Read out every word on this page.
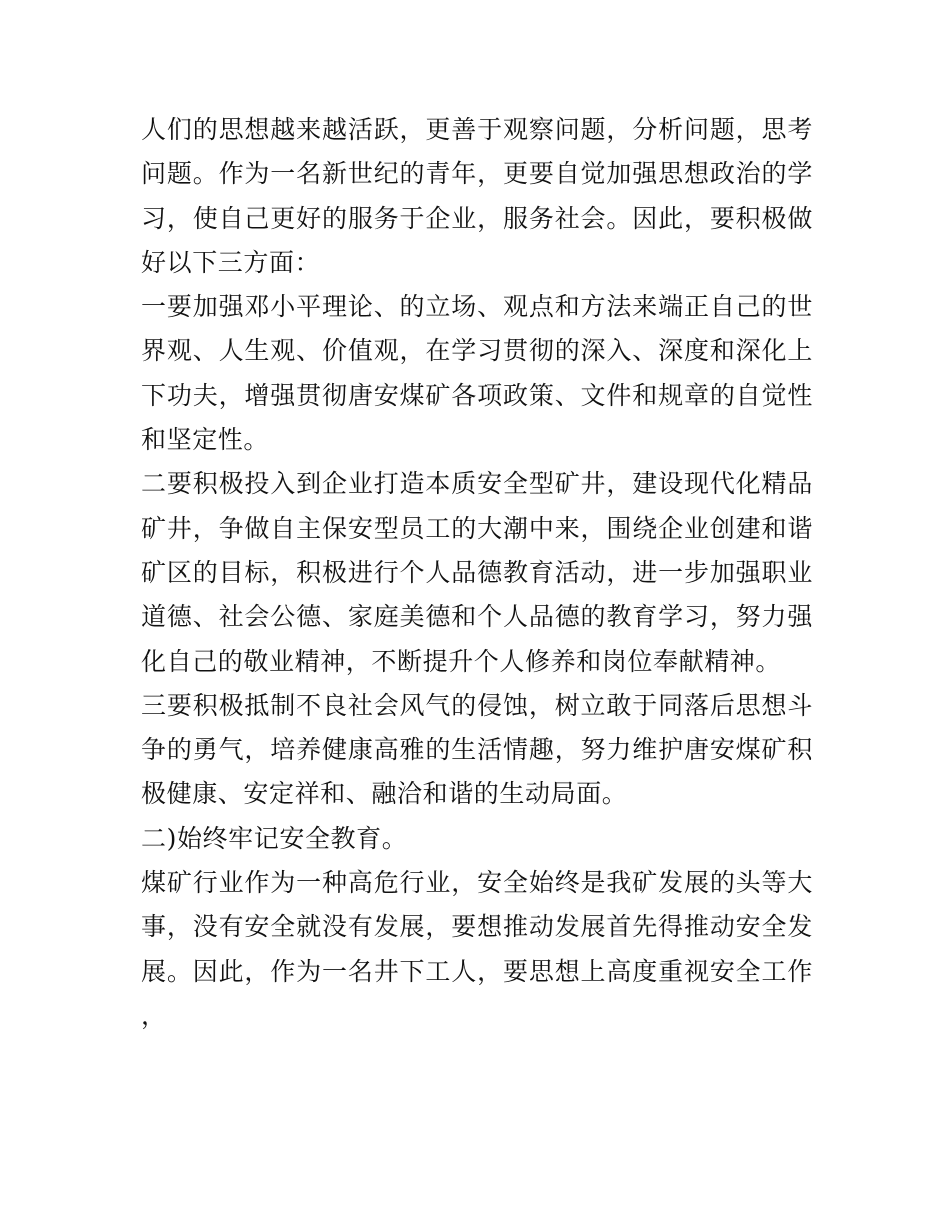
人们的思想越来越活跃，更善于观察问题，分析问题，思考问题。作为一名新世纪的青年，更要自觉加强思想政治的学习，使自己更好的服务于企业，服务社会。因此，要积极做好以下三方面：

一要加强邓小平理论、的立场、观点和方法来端正自己的世界观、人生观、价值观，在学习贯彻的深入、深度和深化上下功夫，增强贯彻唐安煤矿各项政策、文件和规章的自觉性和坚定性。

二要积极投入到企业打造本质安全型矿井，建设现代化精品矿井，争做自主保安型员工的大潮中来，围绕企业创建和谐矿区的目标，积极进行个人品德教育活动，进一步加强职业道德、社会公德、家庭美德和个人品德的教育学习，努力强化自己的敬业精神，不断提升个人修养和岗位奉献精神。

三要积极抵制不良社会风气的侵蚀，树立敢于同落后思想斗争的勇气，培养健康高雅的生活情趣，努力维护唐安煤矿积极健康、安定祥和、融洽和谐的生动局面。

二)始终牢记安全教育。

煤矿行业作为一种高危行业，安全始终是我矿发展的头等大事，没有安全就没有发展，要想推动发展首先得推动安全发展。因此，作为一名井下工人，要思想上高度重视安全工作，
